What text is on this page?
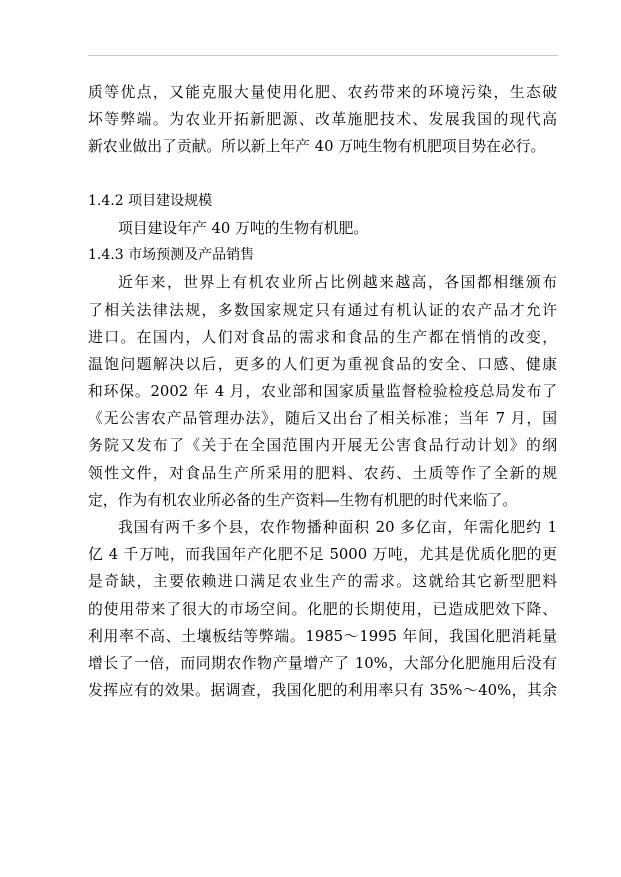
质等优点，又能克服大量使用化肥、农药带来的环境污染，生态破
坏等弊端。为农业开拓新肥源、改革施肥技术、发展我国的现代高
新农业做出了贡献。所以新上年产 40 万吨生物有机肥项目势在必行。
1.4.2 项目建设规模
项目建设年产 40 万吨的生物有机肥。
1.4.3 市场预测及产品销售
近年来，世界上有机农业所占比例越来越高，各国都相继颁布
了相关法律法规，多数国家规定只有通过有机认证的农产品才允许
进口。在国内，人们对食品的需求和食品的生产都在悄悄的改变，
温饱问题解决以后，更多的人们更为重视食品的安全、口感、健康
和环保。2002 年 4 月，农业部和国家质量监督检验检疫总局发布了
《无公害农产品管理办法》，随后又出台了相关标准；当年 7 月，国
务院又发布了《关于在全国范围内开展无公害食品行动计划》的纲
领性文件，对食品生产所采用的肥料、农药、土质等作了全新的规
定，作为有机农业所必备的生产资料—生物有机肥的时代来临了。
我国有两千多个县，农作物播种面积 20 多亿亩，年需化肥约 1
亿 4 千万吨，而我国年产化肥不足 5000 万吨，尤其是优质化肥的更
是奇缺，主要依赖进口满足农业生产的需求。这就给其它新型肥料
的使用带来了很大的市场空间。化肥的长期使用，已造成肥效下降、
利用率不高、土壤板结等弊端。1985～1995 年间，我国化肥消耗量
增长了一倍，而同期农作物产量增产了 10%，大部分化肥施用后没有
发挥应有的效果。据调查，我国化肥的利用率只有 35%～40%，其余
